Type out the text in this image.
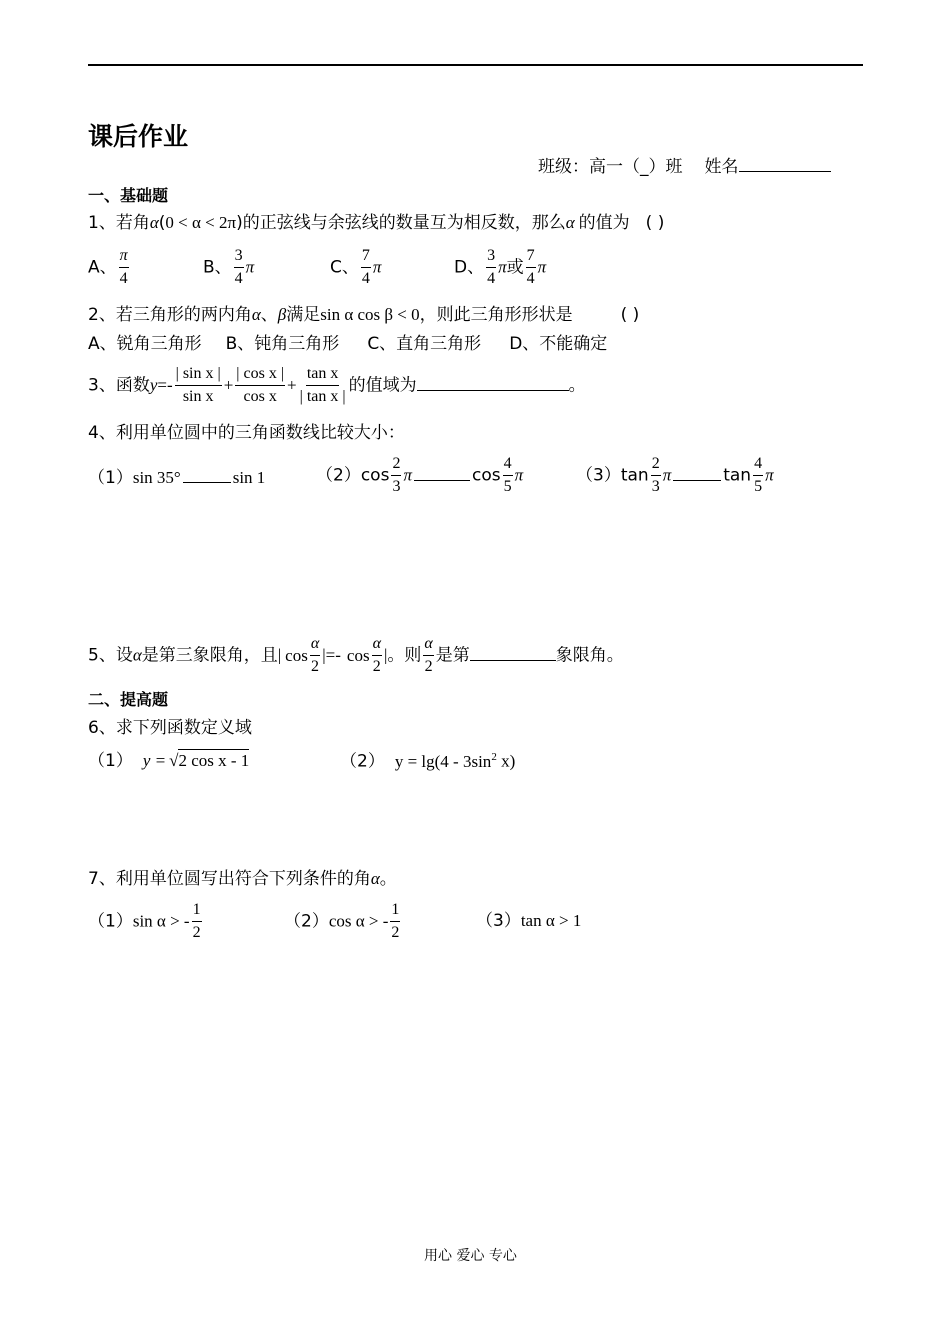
课后作业
班级：高一（_）班 姓名
一、基础题
1、若角α(0 < α < 2π)的正弦线与余弦线的数量互为相反数，那么α 的值为 ( )
A、 $\frac{\pi}{4}$	B、 $\frac{3}{4}$ π	C、 $\frac{7}{4}$ π	D、 $\frac{3}{4}$ π或 $\frac{7}{4}$ π
2、若三角形的两内角α、β满足sin α cos β < 0，则此三角形形状是	( )
A、锐角三角形 B、钝角三角形 C、直角三角形 D、不能确定
3、函数$y=- \frac{\text{| sin x |}}{\text{sin x}} + \frac{\text{| cos x |}}{\text{cos x}} + \frac{\text{tan x}}{\text{| tan x |}}$ 的值域为	。
4、利用单位圆中的三角函数线比较大小：
（1）sin 35°	sin 1	$(2)\cos \frac{2}{3}$ π	$\cos \frac{4}{5}$ π	$(3)\tan \frac{2}{3}$ π	$\tan \frac{4}{5}$ π
5、设α是第三象限角，且| $\cos \frac{\alpha}{2}$ |=- $\cos \frac{\alpha}{2}$ |。则 $\frac{\alpha}{2}$ 是第	象限角。
二、提高题
6、求下列函数定义域
（1） y = √2 cos x - 1	（2） $y = \lg(4 - 3\sin^2$ x)
7、利用单位圆写出符合下列条件的角α。
（1）sin α > - $\frac{1}{2}$	（2）cos α > - $\frac{1}{2}$	（3）tan α > 1
用心 爱心 专心
